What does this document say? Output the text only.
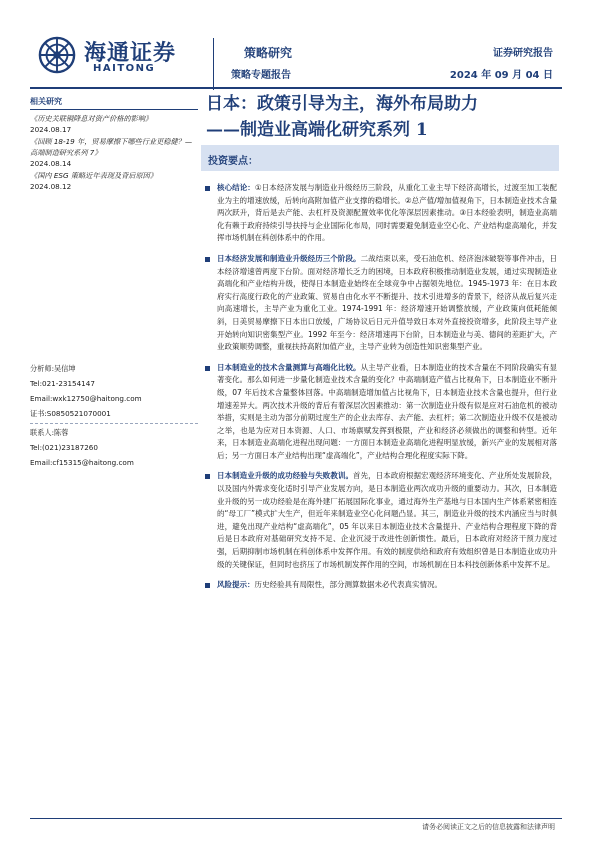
海通证券
HAITONG
策略研究
策略专题报告
证券研究报告
2024 年 09 月 04 日
相关研究
《历史关联铜降息对资产价格的影响》
2024.08.17
《回顾 18-19 年，贸易摩擦下哪些行业更稳健？—高端制造研究系列 7》
2024.08.14
《国内 ESG 策略近年表现及背后原因》
2024.08.12

分析师:吴信坤

Tel:021-23154147

Email:wxk12750@haitong.com

证书:S0850521070001

联系人:陈蓉

Tel:(021)23187260

Email:cf15315@haitong.com

日本：政策引导为主，海外布局助力
——制造业高端化研究系列 1
投资要点：
核心结论：①日本经济发展与制造业升级经历三阶段，从重化工业主导下经济高增长，过渡至加工装配业为主的增速放缓，后转向高附加值产业支撑的稳增长。②总产值/增加值视角下，日本制造业技术含量两次跃升，背后是去产能、去杠杆及资源配置效率优化等深层因素推动。③日本经验表明，制造业高端化有赖于政府持续引导扶持与企业国际化布局，同时需要避免制造业空心化、产业结构虚高端化，并发挥市场机制在科创体系中的作用。
日本经济发展和制造业升级经历三个阶段。二战结束以来，受石油危机、经济泡沫破裂等事件冲击，日本经济增速曾两度下台阶。面对经济增长乏力的困境，日本政府积极推动制造业发展，通过实现制造业高端化和产业结构升级，使得日本制造业始终在全球竞争中占据领先地位。1945-1973 年：在日本政府实行高度行政化的产业政策、贸易自由化水平不断提升、技术引进增多的背景下，经济从战后复兴走向高速增长，主导产业为重化工业。1974-1991 年：经济增速开始调整放缓，产业政策向低耗能倾斜，日美贸易摩擦下日本出口放缓，广场协议后日元升值导致日本对外直接投资增多，此阶段主导产业开始转向知识密集型产业。1992 年至今：经济增速再下台阶，日本制造业与美、德间的差距扩大，产业政策顺势调整，重视扶持高附加值产业，主导产业转为创造性知识密集型产业。
日本制造业的技术含量测算与高端化比较。从主导产业看，日本制造业的技术含量在不同阶段确实有显著变化。那么如何进一步量化制造业技术含量的变化？中高端制造产值占比视角下，日本制造业不断升级，07 年后技术含量整体回落。中高端制造增加值占比视角下，日本制造业技术含量也提升，但行业增速差异大。两次技术升级的背后有着深层次因素推动：第一次制造业升级有似是应对石油危机的被动举措，实则是主动为部分前期过度生产的企业去库存、去产能、去杠杆；第二次制造业升级不仅是被动之举，也是为应对日本资源、人口、市场禀赋发挥到极限，产业和经济必须做出的调整和转型。近年来，日本制造业高端化进程出现问题：一方面日本制造业高端化进程明显放缓，新兴产业的发展相对落后；另一方面日本产业结构出现“虚高端化”，产业结构合理化程度实际下降。
日本制造业升级的成功经验与失败教训。首先，日本政府根据宏观经济环境变化、产业所处发展阶段，以及国内外需求变化适时引导产业发展方向，是日本制造业两次成功升级的重要动力。其次，日本制造业升级的另一成功经验是在海外建厂拓展国际化事业，通过海外生产基地与日本国内生产体系紧密相连的“母工厂”模式扩大生产，但近年来制造业空心化问题凸显。其三，制造业升级的技术内涵应当与时俱进，避免出现产业结构“虚高端化”，05 年以来日本制造业技术含量提升、产业结构合理程度下降的背后是日本政府对基础研究支持不足、企业沉浸于改进性创新惯性。最后，日本政府对经济干预力度过强，后期抑制市场机制在科创体系中发挥作用。有效的制度供给和政府有效组织曾是日本制造业成功升级的关键保证，但同时也挤压了市场机制发挥作用的空间，市场机制在日本科技创新体系中发挥不足。
风险提示：历史经验具有局限性，部分测算数据未必代表真实情况。
请务必阅读正文之后的信息披露和法律声明
